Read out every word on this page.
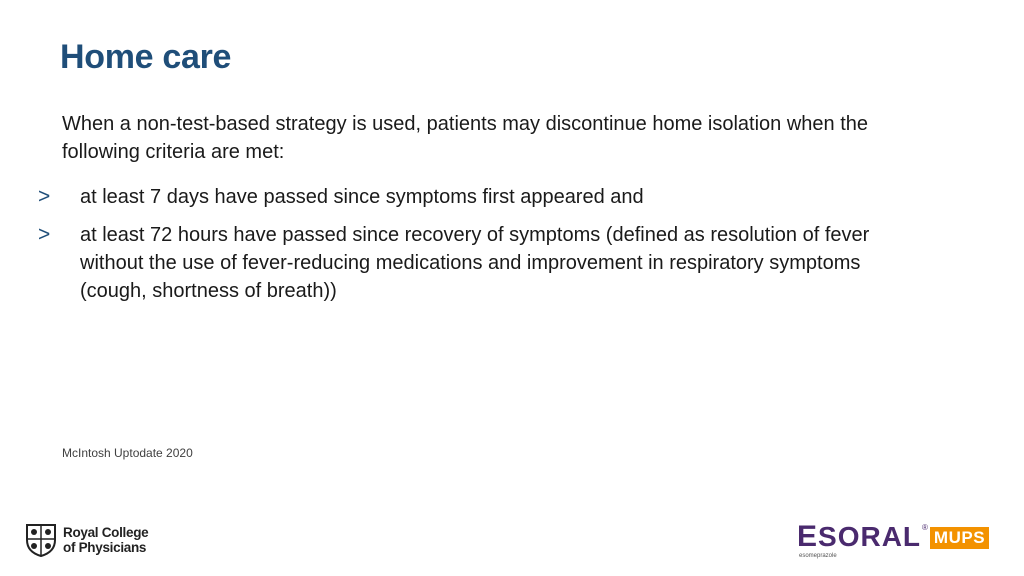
Home care
When a non-test-based strategy is used, patients may discontinue home isolation when the following criteria are met:
>	at least 7 days have passed since symptoms first appeared and
>	at least 72 hours have passed since recovery of symptoms (defined as resolution of fever without the use of fever-reducing medications and improvement in respiratory symptoms (cough, shortness of breath))
McIntosh Uptodate 2020
Royal College
of Physicians	ESORAL ®
MUPS
esomeprazole
